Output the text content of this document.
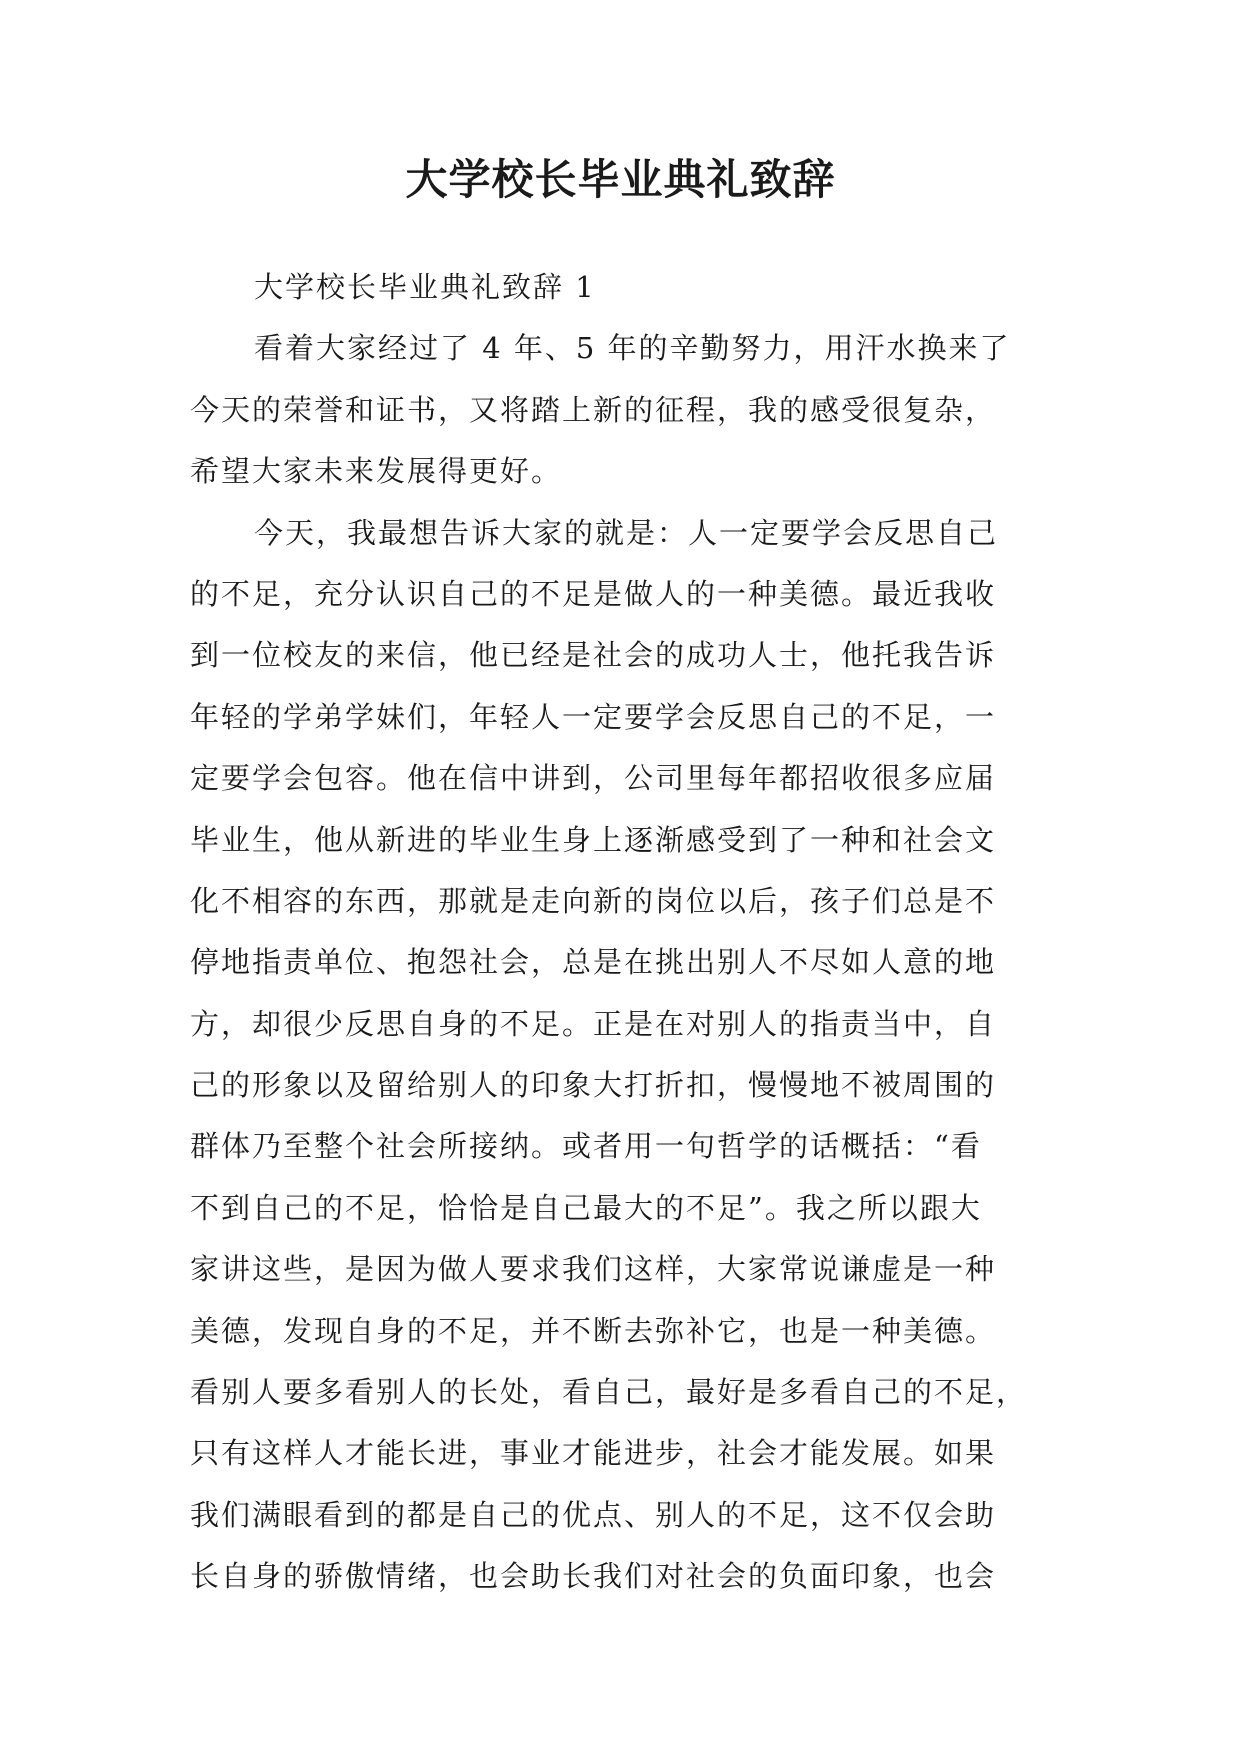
大学校长毕业典礼致辞
大学校长毕业典礼致辞 1
看着大家经过了 4 年、5 年的辛勤努力，用汗水换来了
今天的荣誉和证书，又将踏上新的征程，我的感受很复杂，
希望大家未来发展得更好。
今天，我最想告诉大家的就是：人一定要学会反思自己
的不足，充分认识自己的不足是做人的一种美德。最近我收
到一位校友的来信，他已经是社会的成功人士，他托我告诉
年轻的学弟学妹们，年轻人一定要学会反思自己的不足，一
定要学会包容。他在信中讲到，公司里每年都招收很多应届
毕业生，他从新进的毕业生身上逐渐感受到了一种和社会文
化不相容的东西，那就是走向新的岗位以后，孩子们总是不
停地指责单位、抱怨社会，总是在挑出别人不尽如人意的地
方，却很少反思自身的不足。正是在对别人的指责当中，自
己的形象以及留给别人的印象大打折扣，慢慢地不被周围的
群体乃至整个社会所接纳。或者用一句哲学的话概括：“看
不到自己的不足，恰恰是自己最大的不足”。我之所以跟大
家讲这些，是因为做人要求我们这样，大家常说谦虚是一种
美德，发现自身的不足，并不断去弥补它，也是一种美德。
看别人要多看别人的长处，看自己，最好是多看自己的不足，
只有这样人才能长进，事业才能进步，社会才能发展。如果
我们满眼看到的都是自己的优点、别人的不足，这不仅会助
长自身的骄傲情绪，也会助长我们对社会的负面印象，也会
